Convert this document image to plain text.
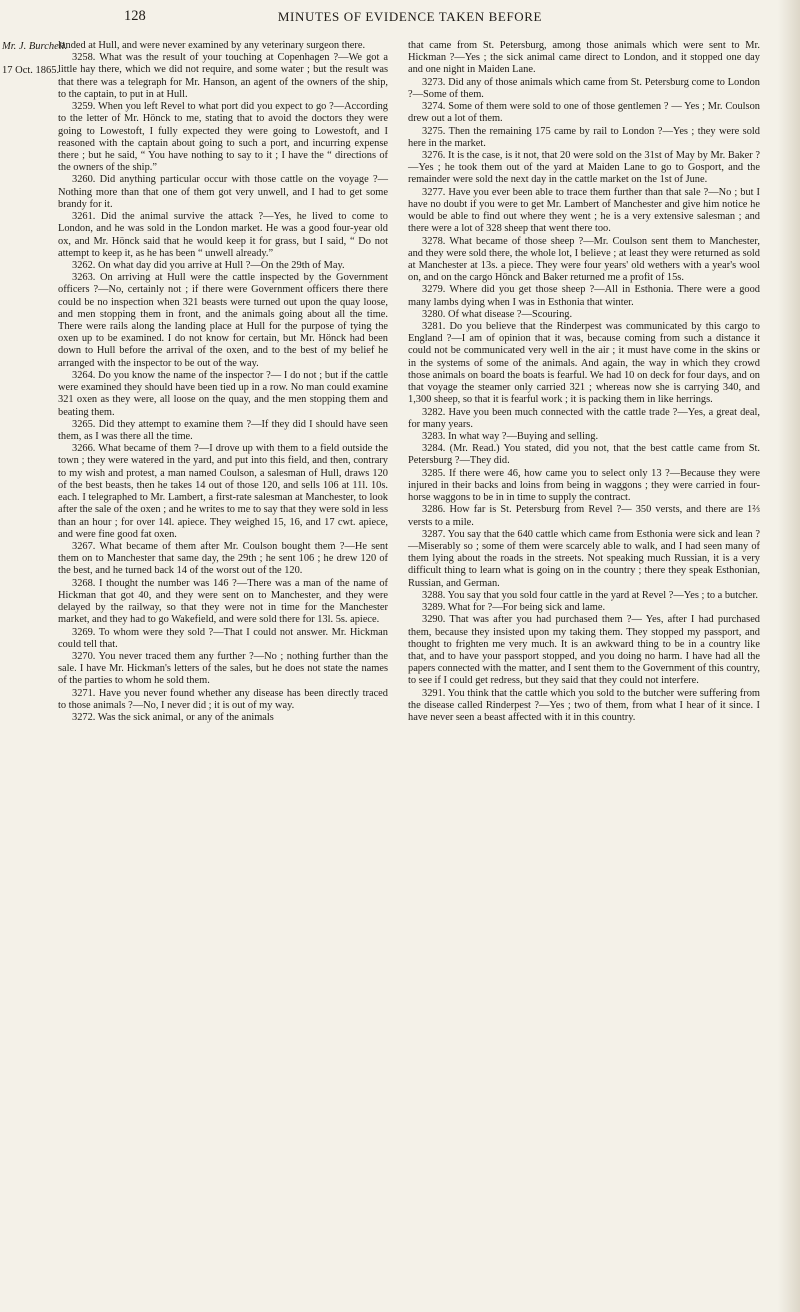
128	MINUTES OF EVIDENCE TAKEN BEFORE
Mr. J. Burchell.
17 Oct. 1865.

landed at Hull, and were never examined by any veterinary surgeon there.

3258. What was the result of your touching at Copenhagen ?—We got a little hay there, which we did not require, and some water ; but the result was that there was a telegraph for Mr. Hanson, an agent of the owners of the ship, to the captain, to put in at Hull.

3259. When you left Revel to what port did you expect to go ?—According to the letter of Mr. Hönck to me, stating that to avoid the doctors they were going to Lowestoft, I fully expected they were going to Lowestoft, and I reasoned with the captain about going to such a port, and incurring expense there ; but he said, “ You have nothing to say to it ; I have the “ directions of the owners of the ship.”

3260. Did anything particular occur with those cattle on the voyage ?—Nothing more than that one of them got very unwell, and I had to get some brandy for it.

3261. Did the animal survive the attack ?—Yes, he lived to come to London, and he was sold in the London market. He was a good four-year old ox, and Mr. Hönck said that he would keep it for grass, but I said, “ Do not attempt to keep it, as he has been “ unwell already.”

3262. On what day did you arrive at Hull ?—On the 29th of May.

3263. On arriving at Hull were the cattle inspected by the Government officers ?—No, certainly not ; if there were Government officers there there could be no inspection when 321 beasts were turned out upon the quay loose, and men stopping them in front, and the animals going about all the time. There were rails along the landing place at Hull for the purpose of tying the oxen up to be examined. I do not know for certain, but Mr. Hönck had been down to Hull before the arrival of the oxen, and to the best of my belief he arranged with the inspector to be out of the way.

3264. Do you know the name of the inspector ?— I do not ; but if the cattle were examined they should have been tied up in a row. No man could examine 321 oxen as they were, all loose on the quay, and the men stopping them and beating them.

3265. Did they attempt to examine them ?—If they did I should have seen them, as I was there all the time.

3266. What became of them ?—I drove up with them to a field outside the town ; they were watered in the yard, and put into this field, and then, contrary to my wish and protest, a man named Coulson, a salesman of Hull, draws 120 of the best beasts, then he takes 14 out of those 120, and sells 106 at 11l. 10s. each. I telegraphed to Mr. Lambert, a first-rate salesman at Manchester, to look after the sale of the oxen ; and he writes to me to say that they were sold in less than an hour ; for over 14l. apiece. They weighed 15, 16, and 17 cwt. apiece, and were fine good fat oxen.

3267. What became of them after Mr. Coulson bought them ?—He sent them on to Manchester that same day, the 29th ; he sent 106 ; he drew 120 of the best, and he turned back 14 of the worst out of the 120.

3268. I thought the number was 146 ?—There was a man of the name of Hickman that got 40, and they were sent on to Manchester, and they were delayed by the railway, so that they were not in time for the Manchester market, and they had to go Wakefield, and were sold there for 13l. 5s. apiece.

3269. To whom were they sold ?—That I could not answer. Mr. Hickman could tell that.

3270. You never traced them any further ?—No ; nothing further than the sale. I have Mr. Hickman's letters of the sales, but he does not state the names of the parties to whom he sold them.

3271. Have you never found whether any disease has been directly traced to those animals ?—No, I never did ; it is out of my way.

3272. Was the sick animal, or any of the animals

that came from St. Petersburg, among those animals which were sent to Mr. Hickman ?—Yes ; the sick animal came direct to London, and it stopped one day and one night in Maiden Lane.

3273. Did any of those animals which came from St. Petersburg come to London ?—Some of them.

3274. Some of them were sold to one of those gentlemen ? — Yes ; Mr. Coulson drew out a lot of them.

3275. Then the remaining 175 came by rail to London ?—Yes ; they were sold here in the market.

3276. It is the case, is it not, that 20 were sold on the 31st of May by Mr. Baker ?—Yes ; he took them out of the yard at Maiden Lane to go to Gosport, and the remainder were sold the next day in the cattle market on the 1st of June.

3277. Have you ever been able to trace them further than that sale ?—No ; but I have no doubt if you were to get Mr. Lambert of Manchester and give him notice he would be able to find out where they went ; he is a very extensive salesman ; and there were a lot of 328 sheep that went there too.

3278. What became of those sheep ?—Mr. Coulson sent them to Manchester, and they were sold there, the whole lot, I believe ; at least they were returned as sold at Manchester at 13s. a piece. They were four years' old wethers with a year's wool on, and on the cargo Hönck and Baker returned me a profit of 15s.

3279. Where did you get those sheep ?—All in Esthonia. There were a good many lambs dying when I was in Esthonia that winter.

3280. Of what disease ?—Scouring.

3281. Do you believe that the Rinderpest was communicated by this cargo to England ?—I am of opinion that it was, because coming from such a distance it could not be communicated very well in the air ; it must have come in the skins or in the systems of some of the animals. And again, the way in which they crowd those animals on board the boats is fearful. We had 10 on deck for four days, and on that voyage the steamer only carried 321 ; whereas now she is carrying 340, and 1,300 sheep, so that it is fearful work ; it is packing them in like herrings.

3282. Have you been much connected with the cattle trade ?—Yes, a great deal, for many years.

3283. In what way ?—Buying and selling.

3284. (Mr. Read.) You stated, did you not, that the best cattle came from St. Petersburg ?—They did.

3285. If there were 46, how came you to select only 13 ?—Because they were injured in their backs and loins from being in waggons ; they were carried in four-horse waggons to be in in time to supply the contract.

3286. How far is St. Petersburg from Revel ?— 350 versts, and there are 1⅔ versts to a mile.

3287. You say that the 640 cattle which came from Esthonia were sick and lean ?—Miserably so ; some of them were scarcely able to walk, and I had seen many of them lying about the roads in the streets. Not speaking much Russian, it is a very difficult thing to learn what is going on in the country ; there they speak Esthonian, Russian, and German.

3288. You say that you sold four cattle in the yard at Revel ?—Yes ; to a butcher.

3289. What for ?—For being sick and lame.

3290. That was after you had purchased them ?— Yes, after I had purchased them, because they insisted upon my taking them. They stopped my passport, and thought to frighten me very much. It is an awkward thing to be in a country like that, and to have your passport stopped, and you doing no harm. I have had all the papers connected with the matter, and I sent them to the Government of this country, to see if I could get redress, but they said that they could not interfere.

3291. You think that the cattle which you sold to the butcher were suffering from the disease called Rinderpest ?—Yes ; two of them, from what I hear of it since. I have never seen a beast affected with it in this country.
